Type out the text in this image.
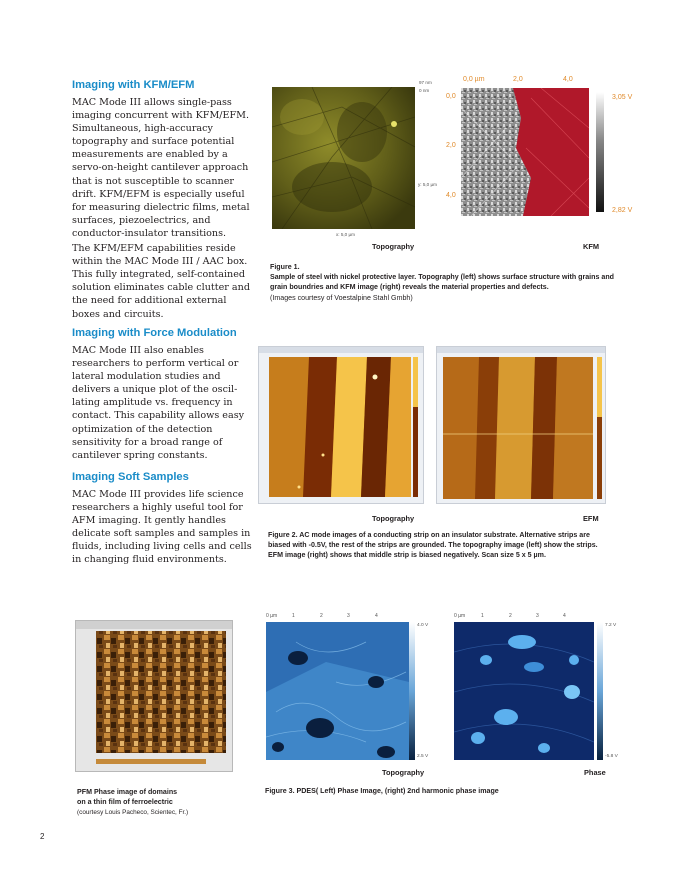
Imaging with KFM/EFM
MAC Mode III allows single-pass imaging concurrent with KFM/EFM. Simultaneous, high-accuracy topography and surface potential measurements are enabled by a servo-on-height cantilever approach that is not susceptible to scanner drift. KFM/EFM is especially useful for measuring dielectric films, metal surfaces, piezoelectrics, and conductor-insulator transitions.
The KFM/EFM capabilities reside within the MAC Mode III / AAC box. This fully integrated, self-contained solution eliminates cable clutter and the need for additional external boxes and circuits.
Imaging with Force Modulation
MAC Mode III also enables researchers to perform vertical or lateral modulation studies and delivers a unique plot of the oscil-lating amplitude vs. frequency in contact. This capability allows easy optimization of the detection sensitivity for a broad range of cantilever spring constants.
Imaging Soft Samples
MAC Mode III provides life science researchers a highly useful tool for AFM imaging. It gently handles delicate soft samples and samples in fluids, including living cells and cells in changing fluid environments.
97 nm
0 nm
y: 5,0 µm
x: 5,0 µm
0,0 µm	2,0	4,0
0,0
2,0
4,0
3,05 V
2,82 V
Topography	KFM
Figure 1.
Sample of steel with nickel protective layer. Topography (left) shows surface structure with grains and grain boundries and KFM image (right) reveals the material properties and defects.
(Images courtesy of Voestalpine Stahl Gmbh)
Topography	EFM
Figure 2. AC mode images of a conducting strip on an insulator substrate. Alternative strips are biased with -0.5V, the rest of the strips are grounded. The topography image (left) show the strips. EFM image (right) shows that middle strip is biased negatively. Scan size 5 x 5 µm.
PFM Phase image of domains
on a thin film of ferroelectric
(courtesy Louis Pacheco, Scientec, Fr.)
0 µm	1	2	3	4
4.0 V
2.5 V
0 µm	1	2	3	4
7.2 V
-5.8 V
Topography	Phase
Figure 3. PDES( Left) Phase Image, (right) 2nd harmonic phase image
2
